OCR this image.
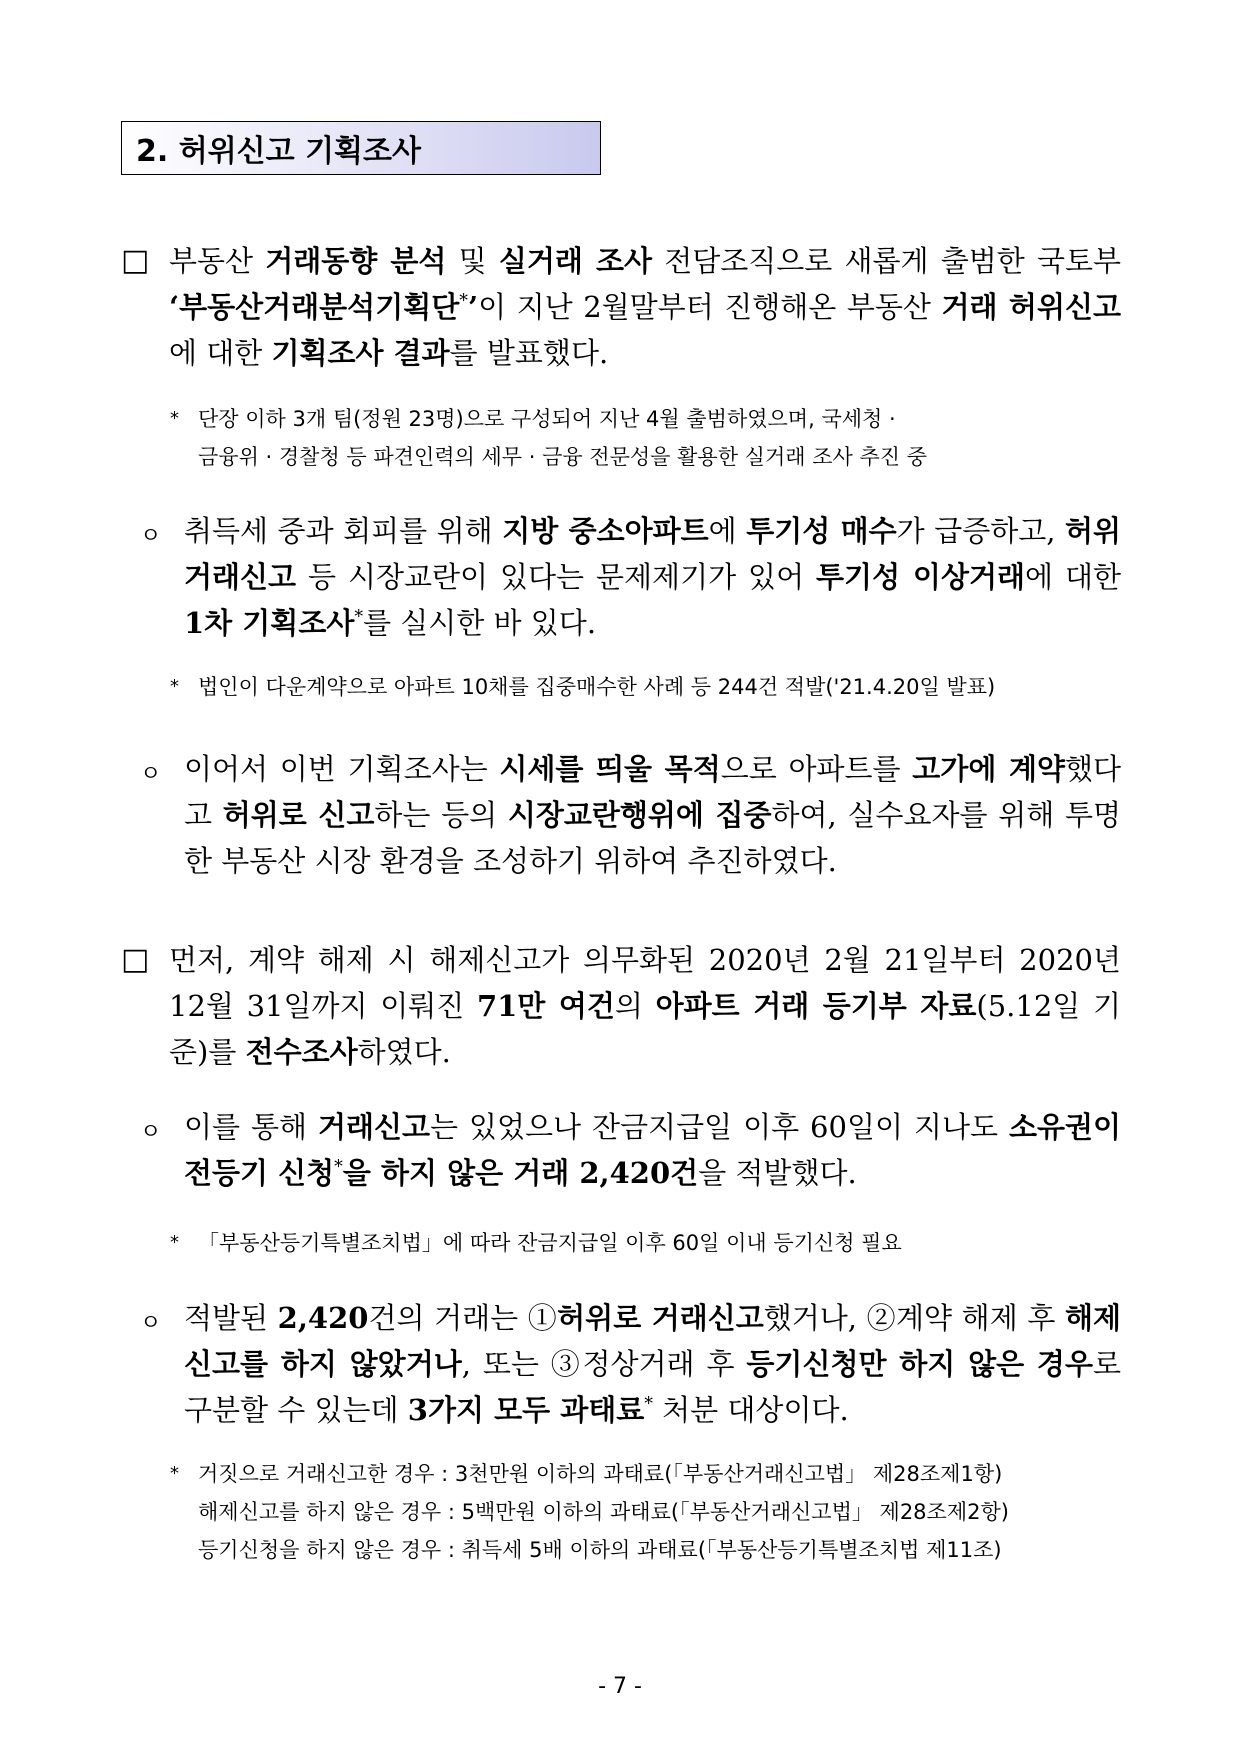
2. 허위신고 기획조사
□ 부동산 거래동향 분석 및 실거래 조사 전담조직으로 새롭게 출범한 국토부 ‘부동산거래분석기획단*’이 지난 2월말부터 진행해온 부동산 거래 허위신고에 대한 기획조사 결과를 발표했다.
* 단장 이하 3개 팀(정원 23명)으로 구성되어 지난 4월 출범하였으며, 국세청 ·
금융위 · 경찰청 등 파견인력의 세무 · 금융 전문성을 활용한 실거래 조사 추진 중
ㅇ 취득세 중과 회피를 위해 지방 중소아파트에 투기성 매수가 급증하고, 허위 거래신고 등 시장교란이 있다는 문제제기가 있어 투기성 이상거래에 대한 1차 기획조사*를 실시한 바 있다.
* 법인이 다운계약으로 아파트 10채를 집중매수한 사례 등 244건 적발('21.4.20일 발표)
ㅇ 이어서 이번 기획조사는 시세를 띄울 목적으로 아파트를 고가에 계약했다고 허위로 신고하는 등의 시장교란행위에 집중하여, 실수요자를 위해 투명한 부동산 시장 환경을 조성하기 위하여 추진하였다.
□ 먼저, 계약 해제 시 해제신고가 의무화된 2020년 2월 21일부터 2020년 12월 31일까지 이뤄진 71만 여건의 아파트 거래 등기부 자료(5.12일 기준)를 전수조사하였다.
ㅇ 이를 통해 거래신고는 있었으나 잔금지급일 이후 60일이 지나도 소유권이전등기 신청*을 하지 않은 거래 2,420건을 적발했다.
* 「부동산등기특별조치법」에 따라 잔금지급일 이후 60일 이내 등기신청 필요
ㅇ 적발된 2,420건의 거래는 ①허위로 거래신고했거나, ②계약 해제 후 해제신고를 하지 않았거나, 또는 ③정상거래 후 등기신청만 하지 않은 경우로 구분할 수 있는데 3가지 모두 과태료* 처분 대상이다.
* 거짓으로 거래신고한 경우 : 3천만원 이하의 과태료(「부동산거래신고법」 제28조제1항)
해제신고를 하지 않은 경우 : 5백만원 이하의 과태료(「부동산거래신고법」 제28조제2항)
등기신청을 하지 않은 경우 : 취득세 5배 이하의 과태료(「부동산등기특별조치법 제11조)
- 7 -
